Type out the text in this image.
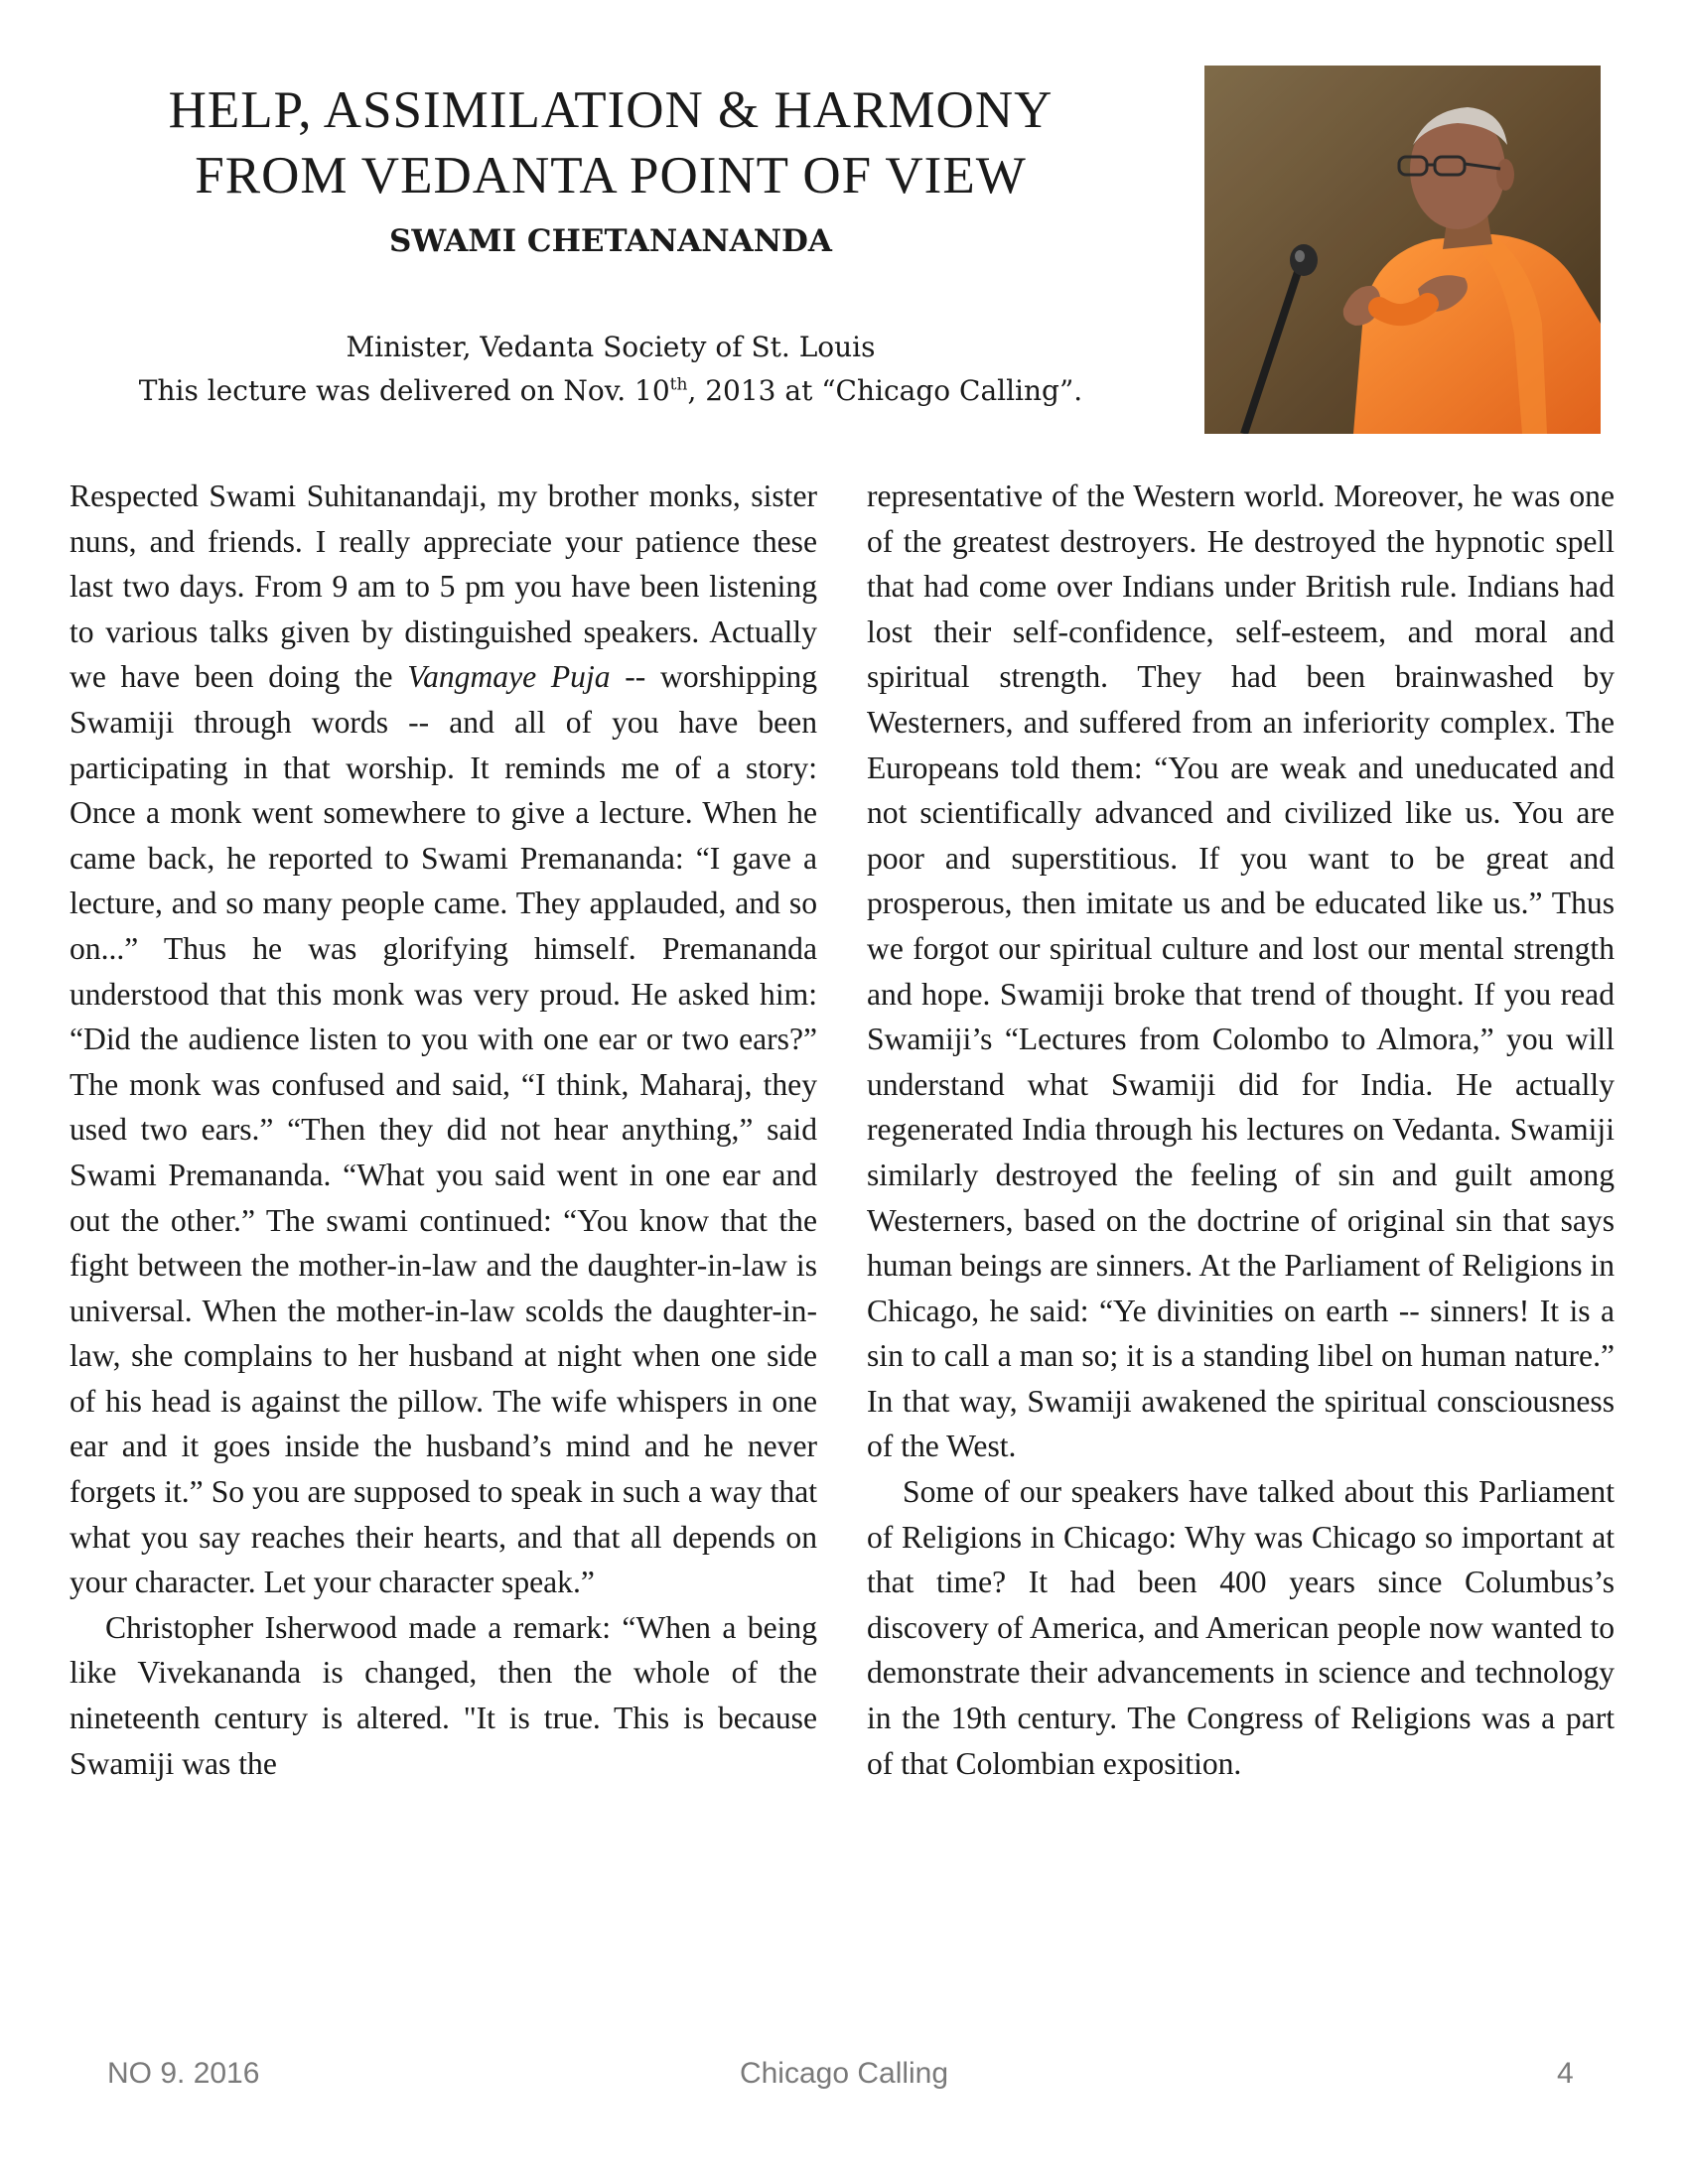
HELP, ASSIMILATION & HARMONY
FROM VEDANTA POINT OF VIEW

SWAMI CHETANANANDA

Minister, Vedanta Society of St. Louis
This lecture was delivered on Nov. 10th, 2013 at “Chicago Calling”.

Respected Swami Suhitanandaji, my brother monks, sister nuns, and friends. I really appreciate your patience these last two days. From 9 am to 5 pm you have been listening to various talks given by distinguished speakers. Actually we have been doing the Vangmaye Puja -- worshipping Swamiji through words -- and all of you have been participating in that worship. It reminds me of a story: Once a monk went somewhere to give a lecture. When he came back, he reported to Swami Premananda: “I gave a lecture, and so many people came. They applauded, and so on...” Thus he was glorifying himself. Premananda understood that this monk was very proud. He asked him: “Did the audience listen to you with one ear or two ears?” The monk was confused and said, “I think, Maharaj, they used two ears.” “Then they did not hear anything,” said Swami Premananda. “What you said went in one ear and out the other.” The swami continued: “You know that the fight between the mother-in-law and the daughter-in-law is universal. When the mother-in-law scolds the daughter-in-law, she complains to her husband at night when one side of his head is against the pillow. The wife whispers in one ear and it goes inside the husband’s mind and he never forgets it.” So you are supposed to speak in such a way that what you say reaches their hearts, and that all depends on your character. Let your character speak.”

Christopher Isherwood made a remark: “When a being like Vivekananda is changed, then the whole of the nineteenth century is altered. "It is true. This is because Swamiji was the

representative of the Western world. Moreover, he was one of the greatest destroyers. He destroyed the hypnotic spell that had come over Indians under British rule. Indians had lost their self-confidence, self-esteem, and moral and spiritual strength. They had been brainwashed by Westerners, and suffered from an inferiority complex. The Europeans told them: “You are weak and uneducated and not scientifically advanced and civilized like us. You are poor and superstitious. If you want to be great and prosperous, then imitate us and be educated like us.” Thus we forgot our spiritual culture and lost our mental strength and hope. Swamiji broke that trend of thought. If you read Swamiji’s “Lectures from Colombo to Almora,” you will understand what Swamiji did for India. He actually regenerated India through his lectures on Vedanta. Swamiji similarly destroyed the feeling of sin and guilt among Westerners, based on the doctrine of original sin that says human beings are sinners. At the Parliament of Religions in Chicago, he said: “Ye divinities on earth -- sinners! It is a sin to call a man so; it is a standing libel on human nature.” In that way, Swamiji awakened the spiritual consciousness of the West.

Some of our speakers have talked about this Parliament of Religions in Chicago: Why was Chicago so important at that time? It had been 400 years since Columbus’s discovery of America, and American people now wanted to demonstrate their advancements in science and technology in the 19th century. The Congress of Religions was a part of that Colombian exposition.

NO 9. 2016	Chicago Calling	4
